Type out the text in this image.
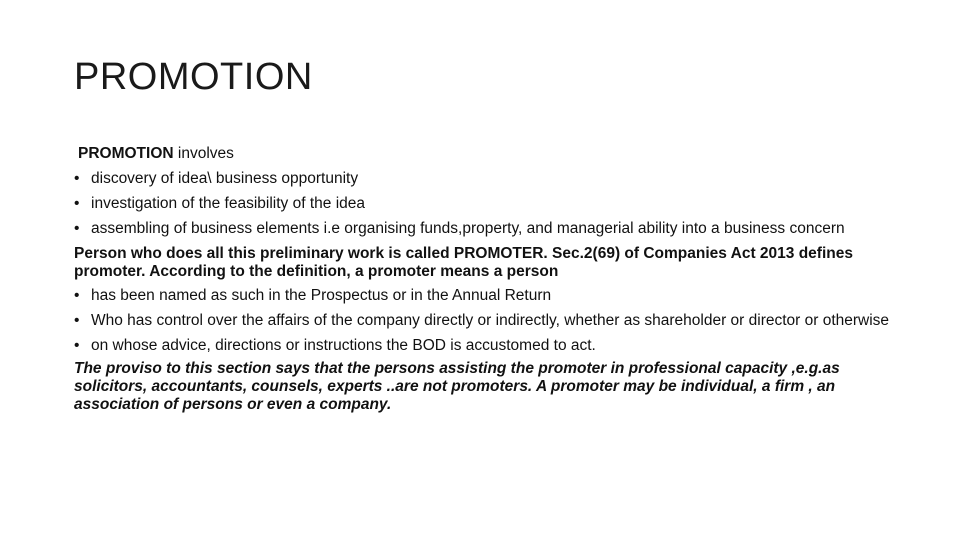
PROMOTION

PROMOTION involves

• discovery of idea\ business opportunity
• investigation of the feasibility of the idea
• assembling of business elements i.e organising funds,property, and managerial ability into a business concern

Person who does all this preliminary work is called PROMOTER. Sec.2(69) of Companies Act 2013 defines promoter. According to the definition, a promoter means a person

• has been named as such in the Prospectus or in the Annual Return
• Who has control over the affairs of the company directly or indirectly, whether as shareholder or director or otherwise
• on whose advice, directions or instructions the BOD is accustomed to act.

The proviso to this section says that the persons assisting the promoter in professional capacity ,e.g.as solicitors, accountants, counsels, experts ..are not promoters. A promoter may be individual, a firm , an association of persons or even a company.
